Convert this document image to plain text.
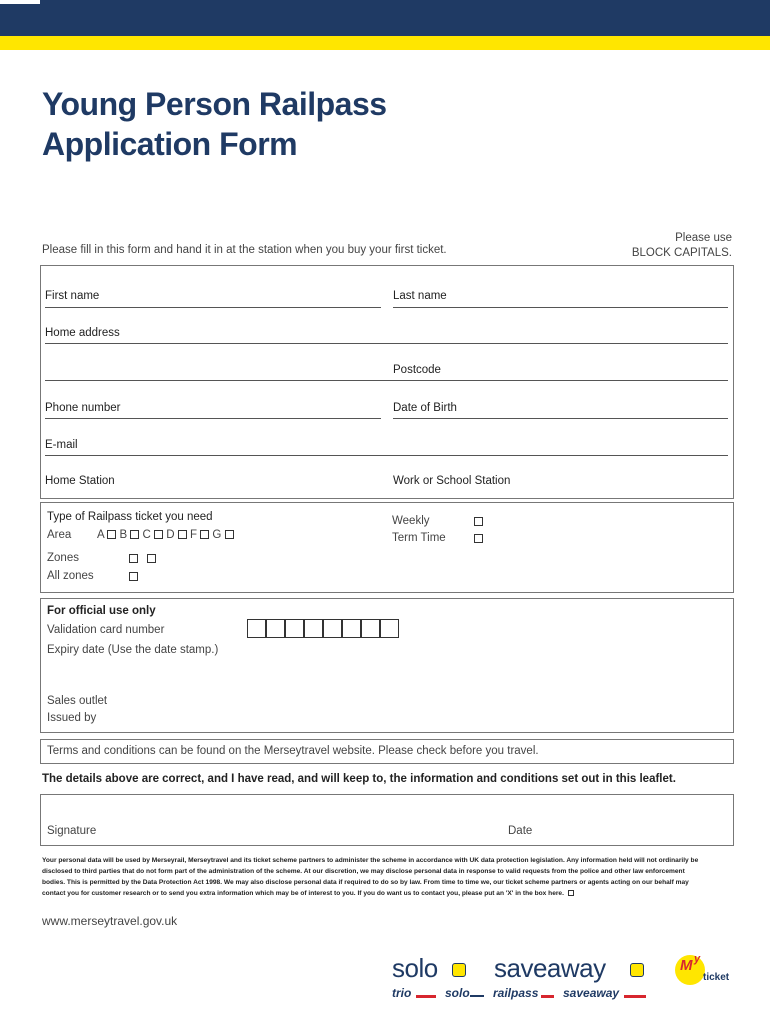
Young Person Railpass
Application Form
Please fill in this form and hand it in at the station when you buy your first ticket.
Please use
BLOCK CAPITALS.
First name	Last name
Home address
Postcode
Phone number	Date of Birth
E-mail
Home Station	Work or School Station
Type of Railpass ticket you need
Area A B C D F G
Zones

All zones
Weekly
Term Time
For official use only
Validation card number
Expiry date (Use the date stamp.)
Sales outlet
Issued by
Terms and conditions can be found on the Merseytravel website. Please check before you travel.
The details above are correct, and I have read, and will keep to, the information and conditions set out in this leaflet.
Signature	Date
Your personal data will be used by Merseyrail, Merseytravel and its ticket scheme partners to administer the scheme in accordance with UK data protection legislation. Any information held will not ordinarily be disclosed to third parties that do not form part of the administration of the scheme. At our discretion, we may disclose personal data in response to valid requests from the police and other law enforcement bodies. This is permitted by the Data Protection Act 1998. We may also disclose personal data if required to do so by law. From time to time we, our ticket scheme partners or agents acting on our behalf may contact you for customer research or to send you extra information which may be of interest to you. If you do want us to contact you, please put an 'X' in the box here.
www.merseytravel.gov.uk
solo saveaway	M y
ticket
trio	solo railpass saveaway
